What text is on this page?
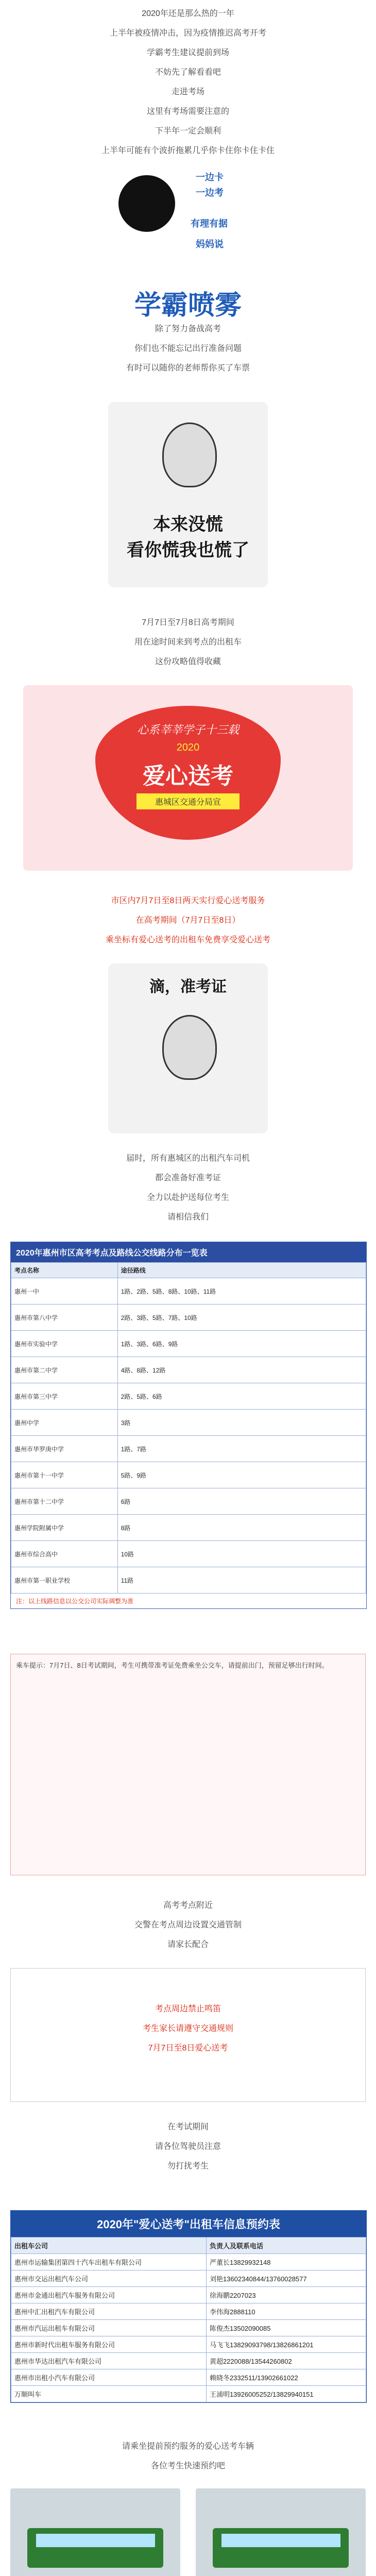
2020年还是那么热的一年
上半年被疫情冲击，因为疫情推迟高考开考
学霸考生建议提前到场
不妨先了解看看吧
走进考场
这里有考场需要注意的
下半年一定会顺利
上半年可能有个波折拖累几乎你卡住你卡住卡住
一边卡
一边考
有理有据
妈妈说
学霸喷雾
除了努力备战高考
你们也不能忘记出行准备问题
有时可以随你的老师帮你买了车票
本来没慌
看你慌我也慌了
7月7日至7月8日高考期间
用在途时间来到考点的出租车
这份攻略值得收藏
心系莘莘学子十三载
2020
爱心送考
惠城区交通分局宣
市区内7月7日至8日两天实行爱心送考服务
在高考期间（7月7日至8日）
乘坐标有爱心送考的出租车免费享受爱心送考
滴，准考证
届时，所有惠城区的出租汽车司机
都会准备好准考证
全力以赴护送每位考生
请相信我们
2020年惠州市区高考考点及路线公交线路分布一览表
考点名称	途径路线
惠州一中	1路、2路、5路、8路、10路、11路
惠州市第八中学	2路、3路、5路、7路、10路
惠州市实验中学	1路、3路、6路、9路
惠州市第二中学	4路、8路、12路
惠州市第三中学	2路、5路、6路
惠州中学	3路
惠州市华罗庚中学	1路、7路
惠州市第十一中学	5路、9路
惠州市第十二中学	6路
惠州学院附属中学	8路
惠州市综合高中	10路
惠州市第一职业学校	11路
注：以上线路信息以公交公司实际调整为准
乘车提示：7月7日、8日考试期间，考生可携带准考证免费乘坐公交车，请提前出门，预留足够出行时间。
高考考点附近
交警在考点周边设置交通管制
请家长配合
考点周边禁止鸣笛
考生家长请遵守交通规则
7月7日至8日爱心送考
在考试期间
请各位驾驶员注意
勿打扰考生
2020年"爱心送考"出租车信息预约表
出租车公司	负责人及联系电话
惠州市运输集团第四十汽车出租车有限公司	严董长13829932148
惠州市交运出租汽车公司	刘艳13602340844/13760028577
惠州市金通出租汽车服务有限公司	徐海鹏2207023
惠州中汇出租汽车有限公司	李伟海2888110
惠州市汽运出租车有限公司	陈俊杰13502090085
惠州市新时代出租车服务有限公司	马飞飞13829093798/13826861201
惠州市华达出租汽车有限公司	黄超2220088/13544260802
惠州市出租小汽车有限公司	赖晓冬2332511/13902661022
万顺叫车	王浦明13926005252/13829940151
请乘坐提前预约服务的爱心送考车辆
各位考生快速预约吧
